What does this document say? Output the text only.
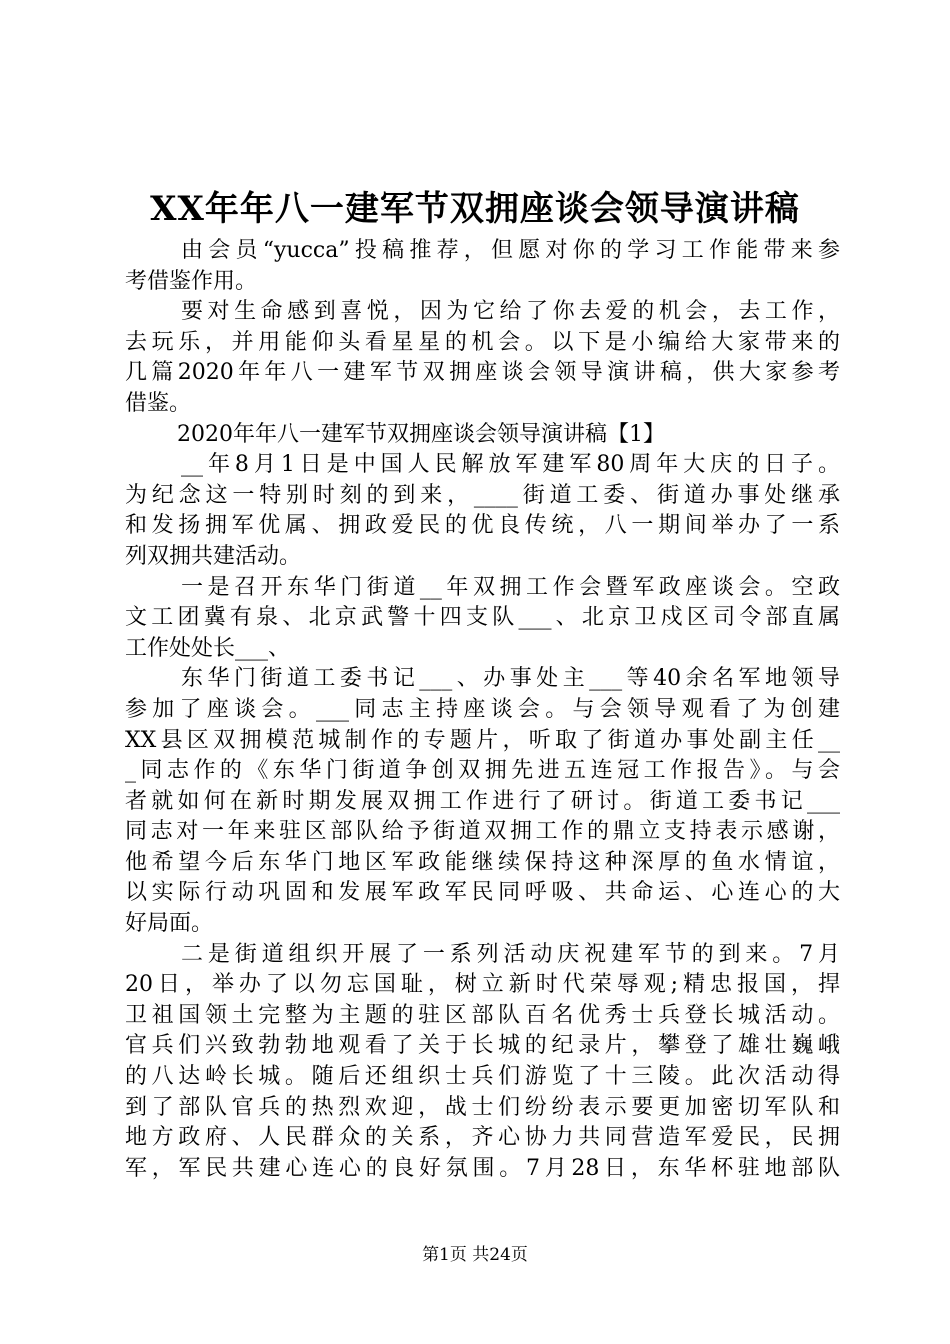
XX年年八一建军节双拥座谈会领导演讲稿
由会员“yucca”投稿推荐，但愿对你的学习工作能带来参
考借鉴作用。
要对生命感到喜悦，因为它给了你去爱的机会，去工作，
去玩乐，并用能仰头看星星的机会。以下是小编给大家带来的
几篇2020年年八一建军节双拥座谈会领导演讲稿，供大家参考
借鉴。
2020年年八一建军节双拥座谈会领导演讲稿【1】
__年8月1日是中国人民解放军建军80周年大庆的日子。
为纪念这一特别时刻的到来，____街道工委、街道办事处继承
和发扬拥军优属、拥政爱民的优良传统，八一期间举办了一系
列双拥共建活动。
一是召开东华门街道__年双拥工作会暨军政座谈会。空政
文工团冀有泉、北京武警十四支队___、北京卫戍区司令部直属
工作处处长___、
东华门街道工委书记___、办事处主___等40余名军地领导
参加了座谈会。___同志主持座谈会。与会领导观看了为创建
XX县区双拥模范城制作的专题片，听取了街道办事处副主任__
_同志作的《东华门街道争创双拥先进五连冠工作报告》。与会
者就如何在新时期发展双拥工作进行了研讨。街道工委书记___
同志对一年来驻区部队给予街道双拥工作的鼎立支持表示感谢，
他希望今后东华门地区军政能继续保持这种深厚的鱼水情谊，
以实际行动巩固和发展军政军民同呼吸、共命运、心连心的大
好局面。
二是街道组织开展了一系列活动庆祝建军节的到来。7月
20日，举办了以勿忘国耻，树立新时代荣辱观;精忠报国，捍
卫祖国领土完整为主题的驻区部队百名优秀士兵登长城活动。
官兵们兴致勃勃地观看了关于长城的纪录片，攀登了雄壮巍峨
的八达岭长城。随后还组织士兵们游览了十三陵。此次活动得
到了部队官兵的热烈欢迎，战士们纷纷表示要更加密切军队和
地方政府、人民群众的关系，齐心协力共同营造军爱民，民拥
军，军民共建心连心的良好氛围。7月28日，东华杯驻地部队
第1页 共24页
